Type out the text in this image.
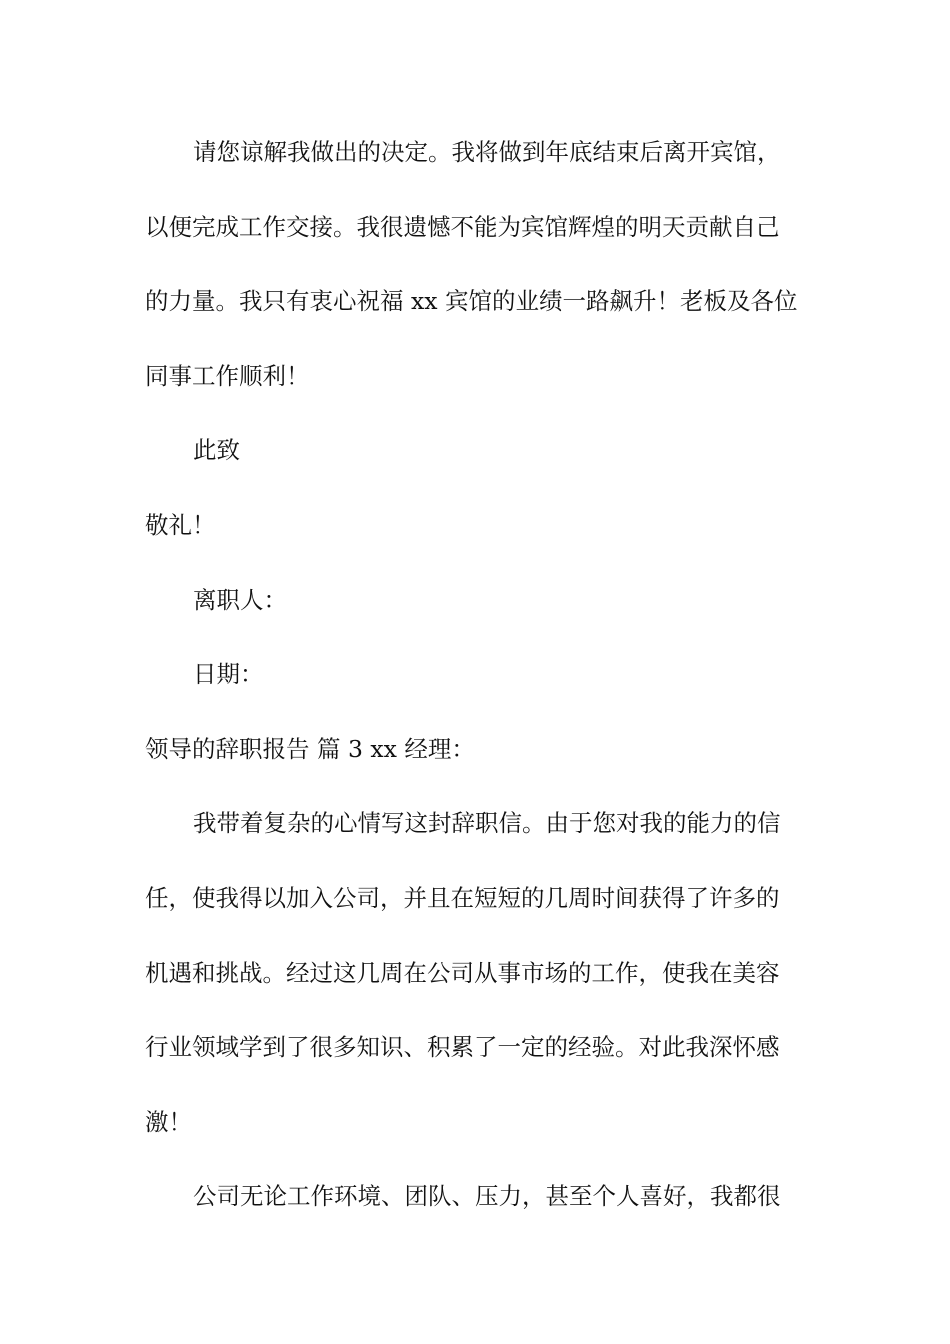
请您谅解我做出的决定。我将做到年底结束后离开宾馆，
以便完成工作交接。我很遗憾不能为宾馆辉煌的明天贡献自己
的力量。我只有衷心祝福 xx 宾馆的业绩一路飙升！老板及各位
同事工作顺利！
此致
敬礼！
离职人：
日期：
领导的辞职报告 篇 3 xx 经理：
我带着复杂的心情写这封辞职信。由于您对我的能力的信
任，使我得以加入公司，并且在短短的几周时间获得了许多的
机遇和挑战。经过这几周在公司从事市场的工作，使我在美容
行业领域学到了很多知识、积累了一定的经验。对此我深怀感
激！
公司无论工作环境、团队、压力，甚至个人喜好，我都很
